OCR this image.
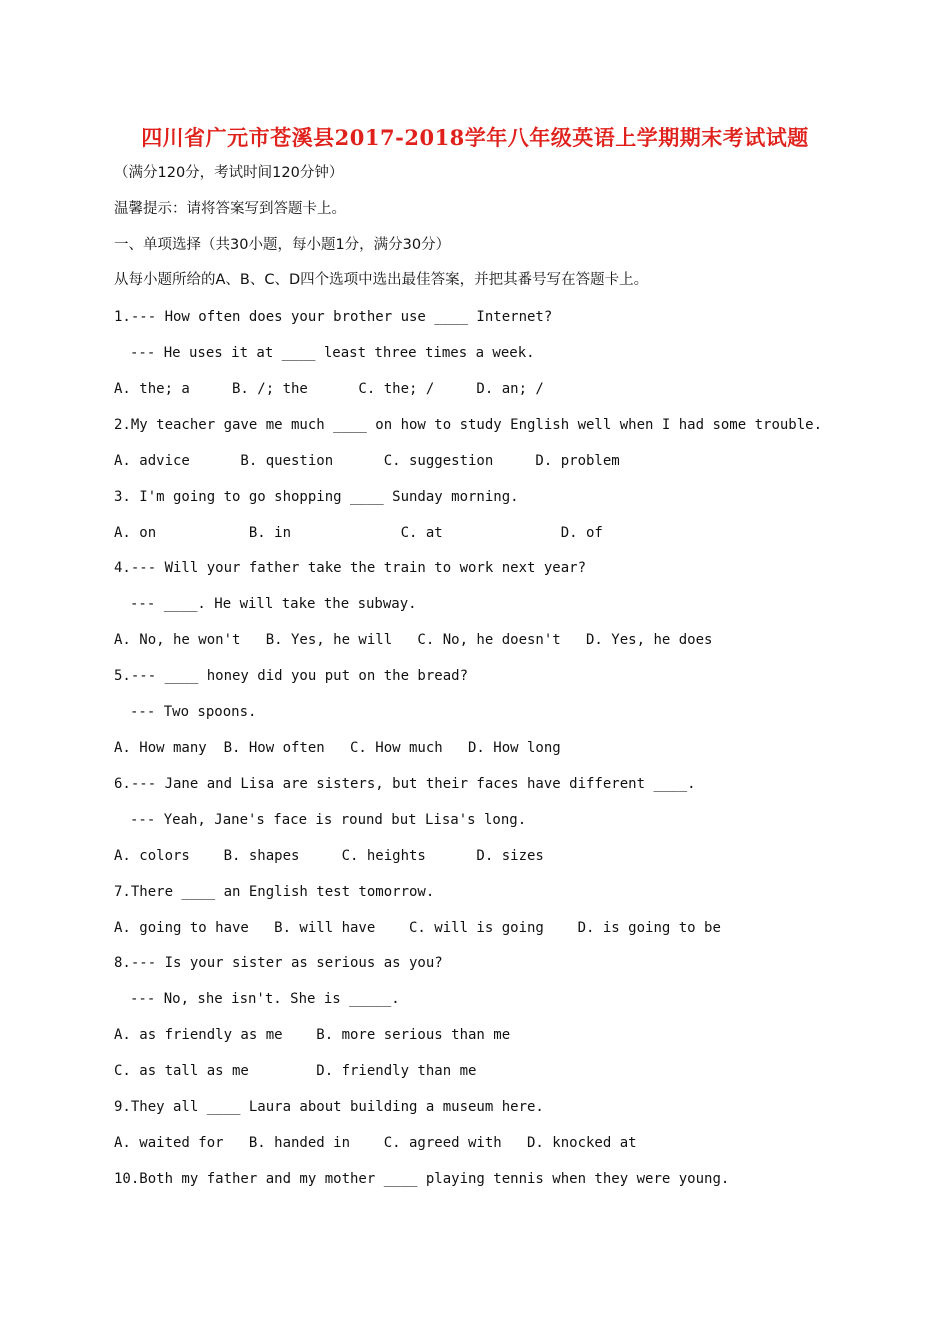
四川省广元市苍溪县2017-2018学年八年级英语上学期期末考试试题
（满分120分，考试时间120分钟）
温馨提示：请将答案写到答题卡上。
一、单项选择（共30小题，每小题1分，满分30分）
从每小题所给的A、B、C、D四个选项中选出最佳答案，并把其番号写在答题卡上。
1.--- How often does your brother use ____ Internet?
--- He uses it at ____ least three times a week.
A. the; a     B. /; the      C. the; /     D. an; /
2.My teacher gave me much ____ on how to study English well when I had some trouble.
A. advice      B. question      C. suggestion     D. problem
3. I'm going to go shopping ____ Sunday morning.
A. on           B. in             C. at              D. of
4.--- Will your father take the train to work next year?
--- ____. He will take the subway.
A. No, he won't   B. Yes, he will   C. No, he doesn't   D. Yes, he does
5.--- ____ honey did you put on the bread?
--- Two spoons.
A. How many  B. How often   C. How much   D. How long
6.--- Jane and Lisa are sisters, but their faces have different ____.
--- Yeah, Jane's face is round but Lisa's long.
A. colors    B. shapes     C. heights      D. sizes
7.There ____ an English test tomorrow.
A. going to have   B. will have    C. will is going    D. is going to be
8.--- Is your sister as serious as you?
--- No, she isn't. She is _____.
A. as friendly as me    B. more serious than me
C. as tall as me        D. friendly than me
9.They all ____ Laura about building a museum here.
A. waited for   B. handed in    C. agreed with   D. knocked at
10.Both my father and my mother ____ playing tennis when they were young.
